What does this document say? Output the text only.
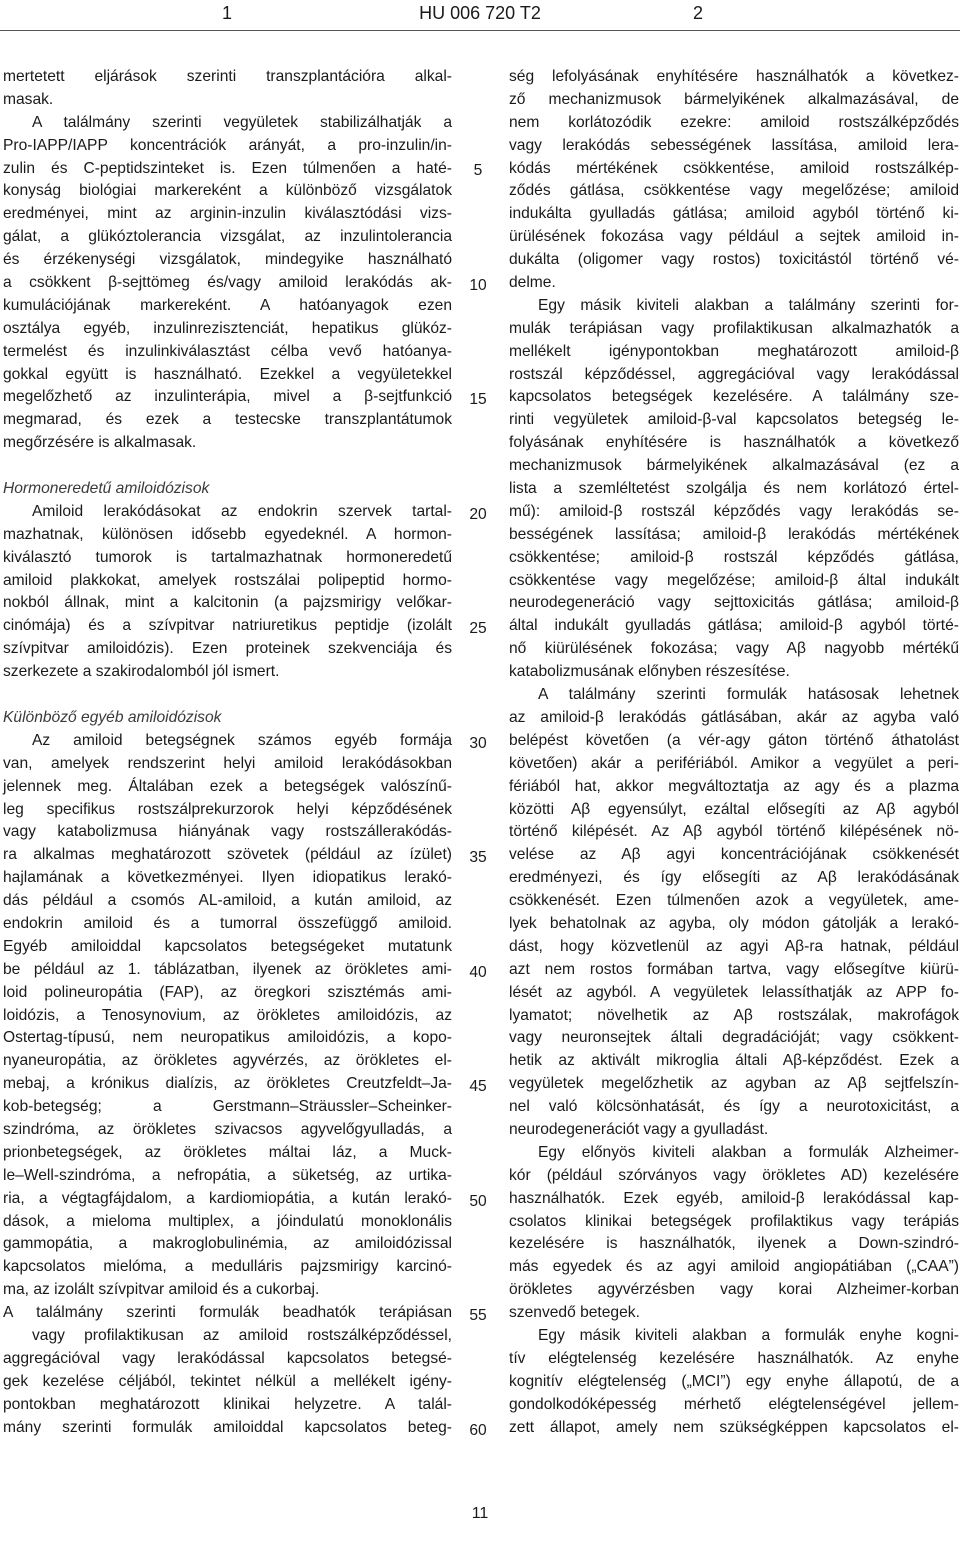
1	HU 006 720 T2	2
mertetett eljárások szerinti transzplantációra alkal-
masak.
A találmány szerinti vegyületek stabilizálhatják a
Pro-IAPP/IAPP koncentrációk arányát, a pro-inzulin/in-
zulin és C-peptidszinteket is. Ezen túlmenően a haté-
konyság biológiai markereként a különböző vizsgálatok
eredményei, mint az arginin-inzulin kiválasztódási vizs-
gálat, a glükóztolerancia vizsgálat, az inzulintolerancia
és érzékenységi vizsgálatok, mindegyike használható
a csökkent β-sejttömeg és/vagy amiloid lerakódás ak-
kumulációjának markereként. A hatóanyagok ezen
osztálya egyéb, inzulinrezisztenciát, hepatikus glükóz-
termelést és inzulinkiválasztást célba vevő hatóanya-
gokkal együtt is használható. Ezekkel a vegyületekkel
megelőzhető az inzulinterápia, mivel a β-sejtfunkció
megmarad, és ezek a testecske transzplantátumok
megőrzésére is alkalmasak.

Hormoneredetű amiloidózisok
Amiloid lerakódásokat az endokrin szervek tartal-
mazhatnak, különösen idősebb egyedeknél. A hormon-
kiválasztó tumorok is tartalmazhatnak hormoneredetű
amiloid plakkokat, amelyek rostszálai polipeptid hormo-
nokból állnak, mint a kalcitonin (a pajzsmirigy velőkar-
cinómája) és a szívpitvar natriuretikus peptidje (izolált
szívpitvar amiloidózis). Ezen proteinek szekvenciája és
szerkezete a szakirodalomból jól ismert.

Különböző egyéb amiloidózisok
Az amiloid betegségnek számos egyéb formája
van, amelyek rendszerint helyi amiloid lerakódásokban
jelennek meg. Általában ezek a betegségek valószínű-
leg specifikus rostszálprekurzorok helyi képződésének
vagy katabolizmusa hiányának vagy rostszállerakódás-
ra alkalmas meghatározott szövetek (például az ízület)
hajlamának a következményei. Ilyen idiopatikus lerakó-
dás például a csomós AL-amiloid, a kután amiloid, az
endokrin amiloid és a tumorral összefüggő amiloid.
Egyéb amiloiddal kapcsolatos betegségeket mutatunk
be például az 1. táblázatban, ilyenek az örökletes ami-
loid polineuropátia (FAP), az öregkori szisztémás ami-
loidózis, a Tenosynovium, az örökletes amiloidózis, az
Ostertag-típusú, nem neuropatikus amiloidózis, a kopo-
nyaneuropátia, az örökletes agyvérzés, az örökletes el-
mebaj, a krónikus dialízis, az örökletes Creutzfeldt–Ja-
kob-betegség; a Gerstmann–Sträussler–Scheinker-
szindróma, az örökletes szivacsos agyvelőgyulladás, a
prionbetegségek, az örökletes máltai láz, a Muck-
le–Well-szindróma, a nefropátia, a süketség, az urtika-
ria, a végtagfájdalom, a kardiomiopátia, a kután lerakó-
dások, a mieloma multiplex, a jóindulatú monoklonális
gammopátia, a makroglobulinémia, az amiloidózissal
kapcsolatos mielóma, a medulláris pajzsmirigy karcinó-
ma, az izolált szívpitvar amiloid és a cukorbaj.
A találmány szerinti formulák beadhatók terápiásan
vagy profilaktikusan az amiloid rostszálképződéssel,
aggregációval vagy lerakódással kapcsolatos betegsé-
gek kezelése céljából, tekintet nélkül a mellékelt igény-
pontokban meghatározott klinikai helyzetre. A talál-
mány szerinti formulák amiloiddal kapcsolatos beteg-
ség lefolyásának enyhítésére használhatók a következ-
ző mechanizmusok bármelyikének alkalmazásával, de
nem korlátozódik ezekre: amiloid rostszálképződés
vagy lerakódás sebességének lassítása, amiloid lera-
kódás mértékének csökkentése, amiloid rostszálkép-
ződés gátlása, csökkentése vagy megelőzése; amiloid
indukálta gyulladás gátlása; amiloid agyból történő ki-
ürülésének fokozása vagy például a sejtek amiloid in-
dukálta (oligomer vagy rostos) toxicitástól történő vé-
delme.
Egy másik kiviteli alakban a találmány szerinti for-
mulák terápiásan vagy profilaktikusan alkalmazhatók a
mellékelt igénypontokban meghatározott amiloid-β
rostszál képződéssel, aggregációval vagy lerakódással
kapcsolatos betegségek kezelésére. A találmány sze-
rinti vegyületek amiloid-β-val kapcsolatos betegség le-
folyásának enyhítésére is használhatók a következő
mechanizmusok bármelyikének alkalmazásával (ez a
lista a szemléltetést szolgálja és nem korlátozó értel-
mű): amiloid-β rostszál képződés vagy lerakódás se-
bességének lassítása; amiloid-β lerakódás mértékének
csökkentése; amiloid-β rostszál képződés gátlása,
csökkentése vagy megelőzése; amiloid-β által indukált
neurodegeneráció vagy sejttoxicitás gátlása; amiloid-β
által indukált gyulladás gátlása; amiloid-β agyból törté-
nő kiürülésének fokozása; vagy Aβ nagyobb mértékű
katabolizmusának előnyben részesítése.
A találmány szerinti formulák hatásosak lehetnek
az amiloid-β lerakódás gátlásában, akár az agyba való
belépést követően (a vér-agy gáton történő áthatolást
követően) akár a perifériából. Amikor a vegyület a peri-
fériából hat, akkor megváltoztatja az agy és a plazma
közötti Aβ egyensúlyt, ezáltal elősegíti az Aβ agyból
történő kilépését. Az Aβ agyból történő kilépésének nö-
velése az Aβ agyi koncentrációjának csökkenését
eredményezi, és így elősegíti az Aβ lerakódásának
csökkenését. Ezen túlmenően azok a vegyületek, ame-
lyek behatolnak az agyba, oly módon gátolják a lerakó-
dást, hogy közvetlenül az agyi Aβ-ra hatnak, például
azt nem rostos formában tartva, vagy elősegítve kiürü-
lését az agyból. A vegyületek lelassíthatják az APP fo-
lyamatot; növelhetik az Aβ rostszálak, makrofágok
vagy neuronsejtek általi degradációját; vagy csökkent-
hetik az aktivált mikroglia általi Aβ-képződést. Ezek a
vegyületek megelőzhetik az agyban az Aβ sejtfelszín-
nel való kölcsönhatását, és így a neurotoxicitást, a
neurodegenerációt vagy a gyulladást.
Egy előnyös kiviteli alakban a formulák Alzheimer-
kór (például szórványos vagy örökletes AD) kezelésére
használhatók. Ezek egyéb, amiloid-β lerakódással kap-
csolatos klinikai betegségek profilaktikus vagy terápiás
kezelésére is használhatók, ilyenek a Down-szindró-
más egyedek és az agyi amiloid angiopátiában („CAA”)
örökletes agyvérzésben vagy korai Alzheimer-korban
szenvedő betegek.
Egy másik kiviteli alakban a formulák enyhe kogni-
tív elégtelenség kezelésére használhatók. Az enyhe
kognitív elégtelenség („MCI”) egy enyhe állapotú, de a
gondolkodóképesség mérhető elégtelenségével jellem-
zett állapot, amely nem szükségképpen kapcsolatos el-
5
10
15
20
25
30
35
40
45
50
55
60
11
